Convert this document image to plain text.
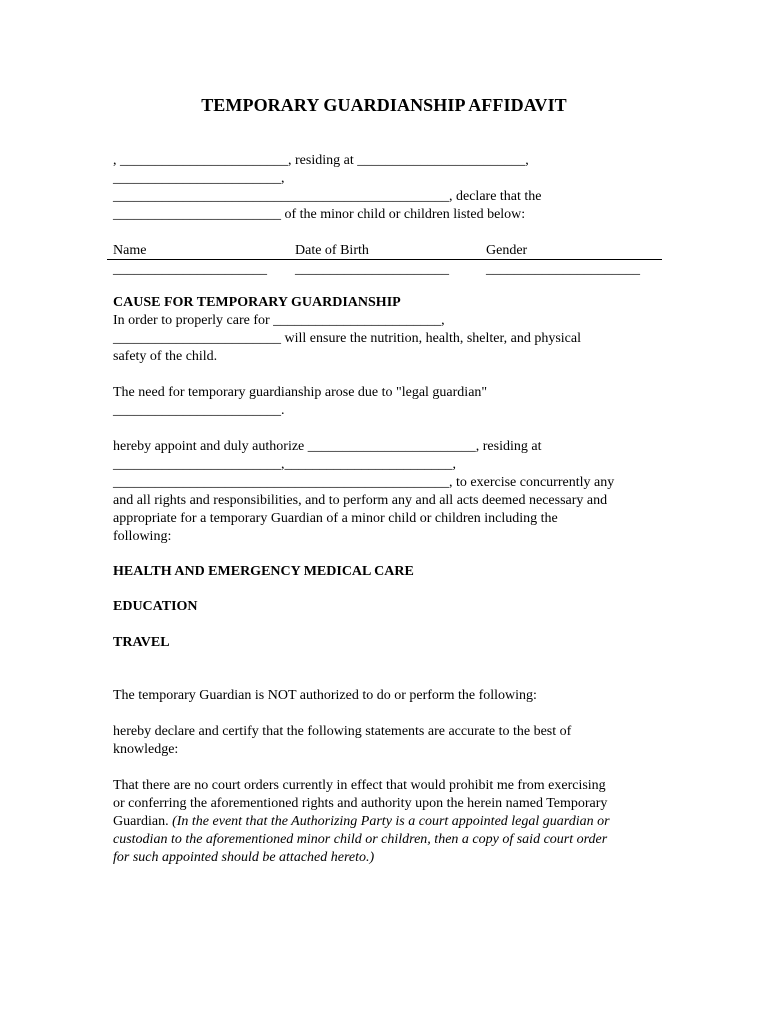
TEMPORARY GUARDIANSHIP AFFIDAVIT
, ________________________, residing at ________________________,
________________________,
________________________________________________, declare that the
________________________ of the minor child or children listed below:
Name	Date of Birth	Gender
______________________ ______________________	______________________
CAUSE FOR TEMPORARY GUARDIANSHIP
In order to properly care for ________________________,
________________________ will ensure the nutrition, health, shelter, and physical
safety of the child.
The need for temporary guardianship arose due to "legal guardian"
________________________.
hereby appoint and duly authorize ________________________, residing at
________________________,________________________,
________________________________________________, to exercise concurrently any
and all rights and responsibilities, and to perform any and all acts deemed necessary and
appropriate for a temporary Guardian of a minor child or children including the
following:
HEALTH AND EMERGENCY MEDICAL CARE
EDUCATION
TRAVEL
The temporary Guardian is NOT authorized to do or perform the following:
hereby declare and certify that the following statements are accurate to the best of
knowledge:
That there are no court orders currently in effect that would prohibit me from exercising
or conferring the aforementioned rights and authority upon the herein named Temporary
Guardian. (In the event that the Authorizing Party is a court appointed legal guardian or
custodian to the aforementioned minor child or children, then a copy of said court order
for such appointed should be attached hereto.)
